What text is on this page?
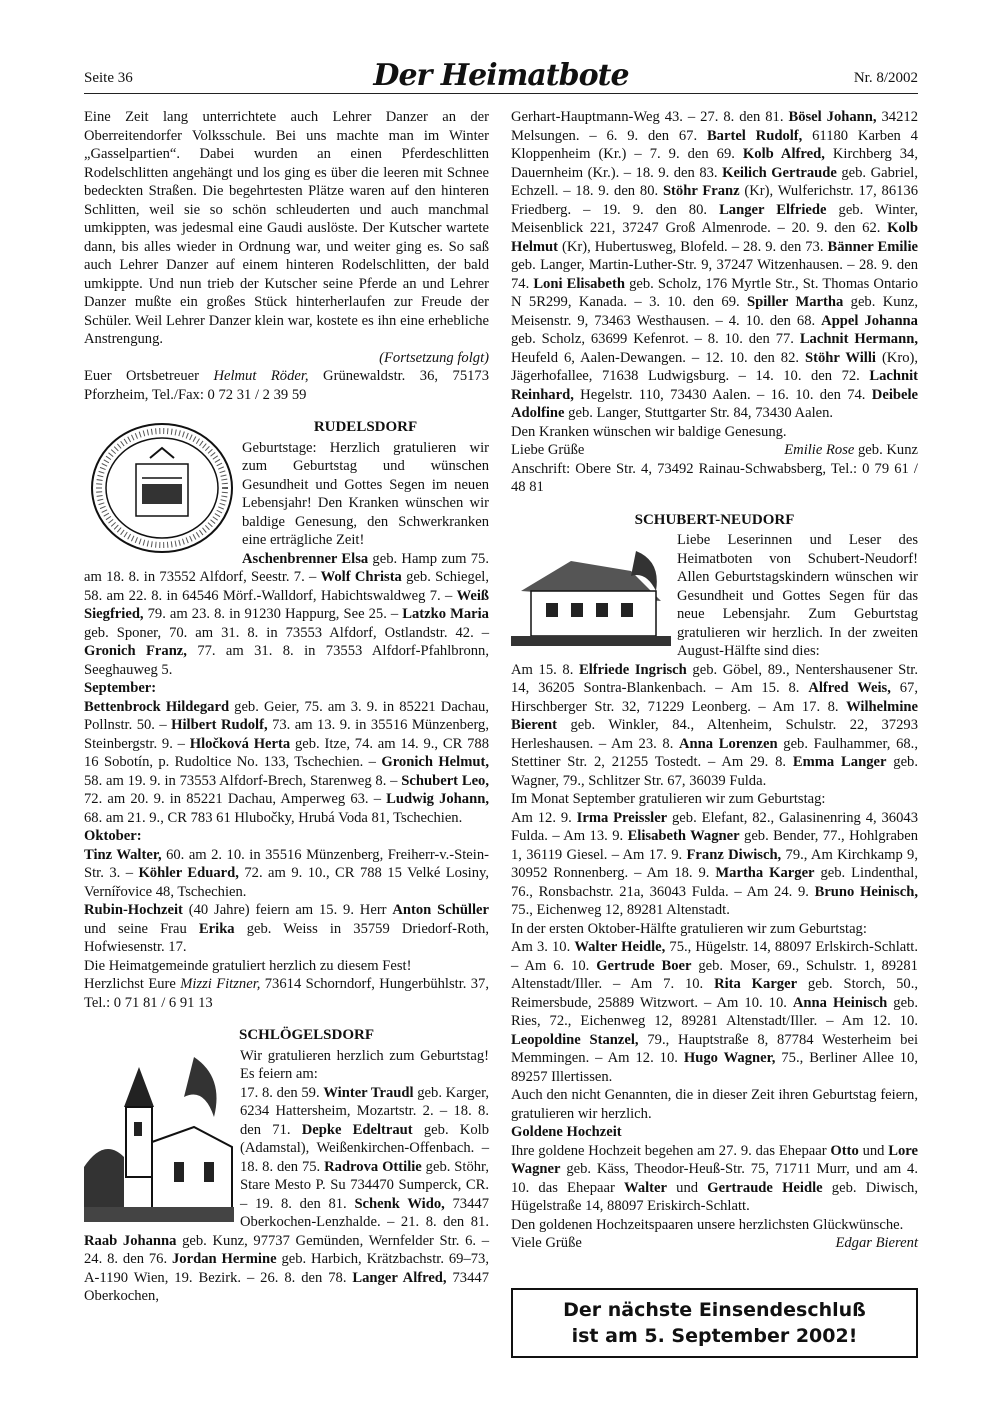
Seite 36	Der Heimatbote	Nr. 8/2002

Eine Zeit lang unterrichtete auch Lehrer Danzer an der Oberreitendorfer Volksschule. Bei uns machte man im Winter „Gasselpartien“. Dabei wurden an einen Pferdeschlitten Rodelschlitten angehängt und los ging es über die leeren mit Schnee bedeckten Straßen. Die begehrtesten Plätze waren auf den hinteren Schlitten, weil sie so schön schleuderten und auch manchmal umkippten, was jedesmal eine Gaudi auslöste. Der Kutscher wartete dann, bis alles wieder in Ordnung war, und weiter ging es. So saß auch Lehrer Danzer auf einem hinteren Rodelschlitten, der bald umkippte. Und nun trieb der Kutscher seine Pferde an und Lehrer Danzer mußte ein großes Stück hinterherlaufen zur Freude der Schüler. Weil Lehrer Danzer klein war, kostete es ihn eine erhebliche Anstrengung.

(Fortsetzung folgt)

Euer Ortsbetreuer Helmut Röder, Grünewaldstr. 36, 75173 Pforzheim, Tel./Fax: 0 72 31 / 2 39 59

RUDELSDORF

Geburtstage: Herzlich gratulieren wir zum Geburtstag und wünschen Gesundheit und Gottes Segen im neuen Lebensjahr! Den Kranken wünschen wir baldige Genesung, den Schwerkranken eine erträgliche Zeit!

Aschenbrenner Elsa geb. Hamp zum 75. am 18. 8. in 73552 Alfdorf, Seestr. 7. – Wolf Christa geb. Schiegel, 58. am 22. 8. in 64546 Mörf.-Walldorf, Habichtswaldweg 7. – Weiß Siegfried, 79. am 23. 8. in 91230 Happurg, See 25. – Latzko Maria geb. Sponer, 70. am 31. 8. in 73553 Alfdorf, Ostlandstr. 42. – Gronich Franz, 77. am 31. 8. in 73553 Alfdorf-Pfahlbronn, Seeghauweg 5.

September:

Bettenbrock Hildegard geb. Geier, 75. am 3. 9. in 85221 Dachau, Pollnstr. 50. – Hilbert Rudolf, 73. am 13. 9. in 35516 Münzenberg, Steinbergstr. 9. – Hločková Herta geb. Itze, 74. am 14. 9., CR 788 16 Sobotín, p. Rudoltice No. 133, Tschechien. – Gronich Helmut, 58. am 19. 9. in 73553 Alfdorf-Brech, Starenweg 8. – Schubert Leo, 72. am 20. 9. in 85221 Dachau, Amperweg 63. – Ludwig Johann, 68. am 21. 9., CR 783 61 Hlubočky, Hrubá Voda 81, Tschechien.

Oktober:

Tinz Walter, 60. am 2. 10. in 35516 Münzenberg, Freiherr-v.-Stein-Str. 3. – Köhler Eduard, 72. am 9. 10., CR 788 15 Velké Losiny, Vernířovice 48, Tschechien.

Rubin-Hochzeit (40 Jahre) feiern am 15. 9. Herr Anton Schüller und seine Frau Erika geb. Weiss in 35759 Driedorf-Roth, Hofwiesenstr. 17.

Die Heimatgemeinde gratuliert herzlich zu diesem Fest!

Herzlichst Eure Mizzi Fitzner, 73614 Schorndorf, Hungerbühlstr. 37, Tel.: 0 71 81 / 6 91 13

SCHLÖGELSDORF

Wir gratulieren herzlich zum Geburtstag! Es feiern am:

17. 8. den 59. Winter Traudl geb. Karger, 6234 Hattersheim, Mozartstr. 2. – 18. 8. den 71. Depke Edeltraut geb. Kolb (Adamstal), Weißenkirchen-Offenbach. – 18. 8. den 75. Radrova Ottilie geb. Stöhr, Stare Mesto P. Su 734470 Sumperck, CR. – 19. 8. den 81. Schenk Wido, 73447 Oberkochen-Lenzhalde. – 21. 8. den 81. Raab Johanna geb. Kunz, 97737 Gemünden, Wernfelder Str. 6. – 24. 8. den 76. Jordan Hermine geb. Harbich, Krätzbachstr. 69–73, A-1190 Wien, 19. Bezirk. – 26. 8. den 78. Langer Alfred, 73447 Oberkochen,

Gerhart-Hauptmann-Weg 43. – 27. 8. den 81. Bösel Johann, 34212 Melsungen. – 6. 9. den 67. Bartel Rudolf, 61180 Karben 4 Kloppenheim (Kr.) – 7. 9. den 69. Kolb Alfred, Kirchberg 34, Dauernheim (Kr.). – 18. 9. den 83. Keilich Gertraude geb. Gabriel, Echzell. – 18. 9. den 80. Stöhr Franz (Kr), Wulferichstr. 17, 86136 Friedberg. – 19. 9. den 80. Langer Elfriede geb. Winter, Meisenblick 221, 37247 Groß Almenrode. – 20. 9. den 62. Kolb Helmut (Kr), Hubertusweg, Blofeld. – 28. 9. den 73. Bänner Emilie geb. Langer, Martin-Luther-Str. 9, 37247 Witzenhausen. – 28. 9. den 74. Loni Elisabeth geb. Scholz, 176 Myrtle Str., St. Thomas Ontario N 5R299, Kanada. – 3. 10. den 69. Spiller Martha geb. Kunz, Meisenstr. 9, 73463 Westhausen. – 4. 10. den 68. Appel Johanna geb. Scholz, 63699 Kefenrot. – 8. 10. den 77. Lachnit Hermann, Heufeld 6, Aalen-Dewangen. – 12. 10. den 82. Stöhr Willi (Kro), Jägerhofallee, 71638 Ludwigsburg. – 14. 10. den 72. Lachnit Reinhard, Hegelstr. 110, 73430 Aalen. – 16. 10. den 74. Deibele Adolfine geb. Langer, Stuttgarter Str. 84, 73430 Aalen.

Den Kranken wünschen wir baldige Genesung.

Liebe Grüße	Emilie Rose geb. Kunz

Anschrift: Obere Str. 4, 73492 Rainau-Schwabsberg, Tel.: 0 79 61 / 48 81

SCHUBERT-NEUDORF

Liebe Leserinnen und Leser des Heimatboten von Schubert-Neudorf! Allen Geburtstagskindern wünschen wir Gesundheit und Gottes Segen für das neue Lebensjahr. Zum Geburtstag gratulieren wir herzlich. In der zweiten August-Hälfte sind dies:

Am 15. 8. Elfriede Ingrisch geb. Göbel, 89., Nentershausener Str. 14, 36205 Sontra-Blankenbach. – Am 15. 8. Alfred Weis, 67, Hirschberger Str. 32, 71229 Leonberg. – Am 17. 8. Wilhelmine Bierent geb. Winkler, 84., Altenheim, Schulstr. 22, 37293 Herleshausen. – Am 23. 8. Anna Lorenzen geb. Faulhammer, 68., Stettiner Str. 2, 21255 Tostedt. – Am 29. 8. Emma Langer geb. Wagner, 79., Schlitzer Str. 67, 36039 Fulda.

Im Monat September gratulieren wir zum Geburtstag:

Am 12. 9. Irma Preissler geb. Elefant, 82., Galasinenring 4, 36043 Fulda. – Am 13. 9. Elisabeth Wagner geb. Bender, 77., Hohlgraben 1, 36119 Giesel. – Am 17. 9. Franz Diwisch, 79., Am Kirchkamp 9, 30952 Ronnenberg. – Am 18. 9. Martha Karger geb. Lindenthal, 76., Ronsbachstr. 21a, 36043 Fulda. – Am 24. 9. Bruno Heinisch, 75., Eichenweg 12, 89281 Altenstadt.

In der ersten Oktober-Hälfte gratulieren wir zum Geburtstag:

Am 3. 10. Walter Heidle, 75., Hügelstr. 14, 88097 Erlskirch-Schlatt. – Am 6. 10. Gertrude Boer geb. Moser, 69., Schulstr. 1, 89281 Altenstadt/Iller. – Am 7. 10. Rita Karger geb. Storch, 50., Reimersbude, 25889 Witzwort. – Am 10. 10. Anna Heinisch geb. Ries, 72., Eichenweg 12, 89281 Altenstadt/Iller. – Am 12. 10. Leopoldine Stanzel, 79., Hauptstraße 8, 87784 Westerheim bei Memmingen. – Am 12. 10. Hugo Wagner, 75., Berliner Allee 10, 89257 Illertissen.

Auch den nicht Genannten, die in dieser Zeit ihren Geburtstag feiern, gratulieren wir herzlich.

Goldene Hochzeit

Ihre goldene Hochzeit begehen am 27. 9. das Ehepaar Otto und Lore Wagner geb. Käss, Theodor-Heuß-Str. 75, 71711 Murr, und am 4. 10. das Ehepaar Walter und Gertraude Heidle geb. Diwisch, Hügelstraße 14, 88097 Eriskirch-Schlatt.

Den goldenen Hochzeitspaaren unsere herzlichsten Glückwünsche.

Viele Grüße	Edgar Bierent

Der nächste Einsendeschluß
ist am 5. September 2002!
